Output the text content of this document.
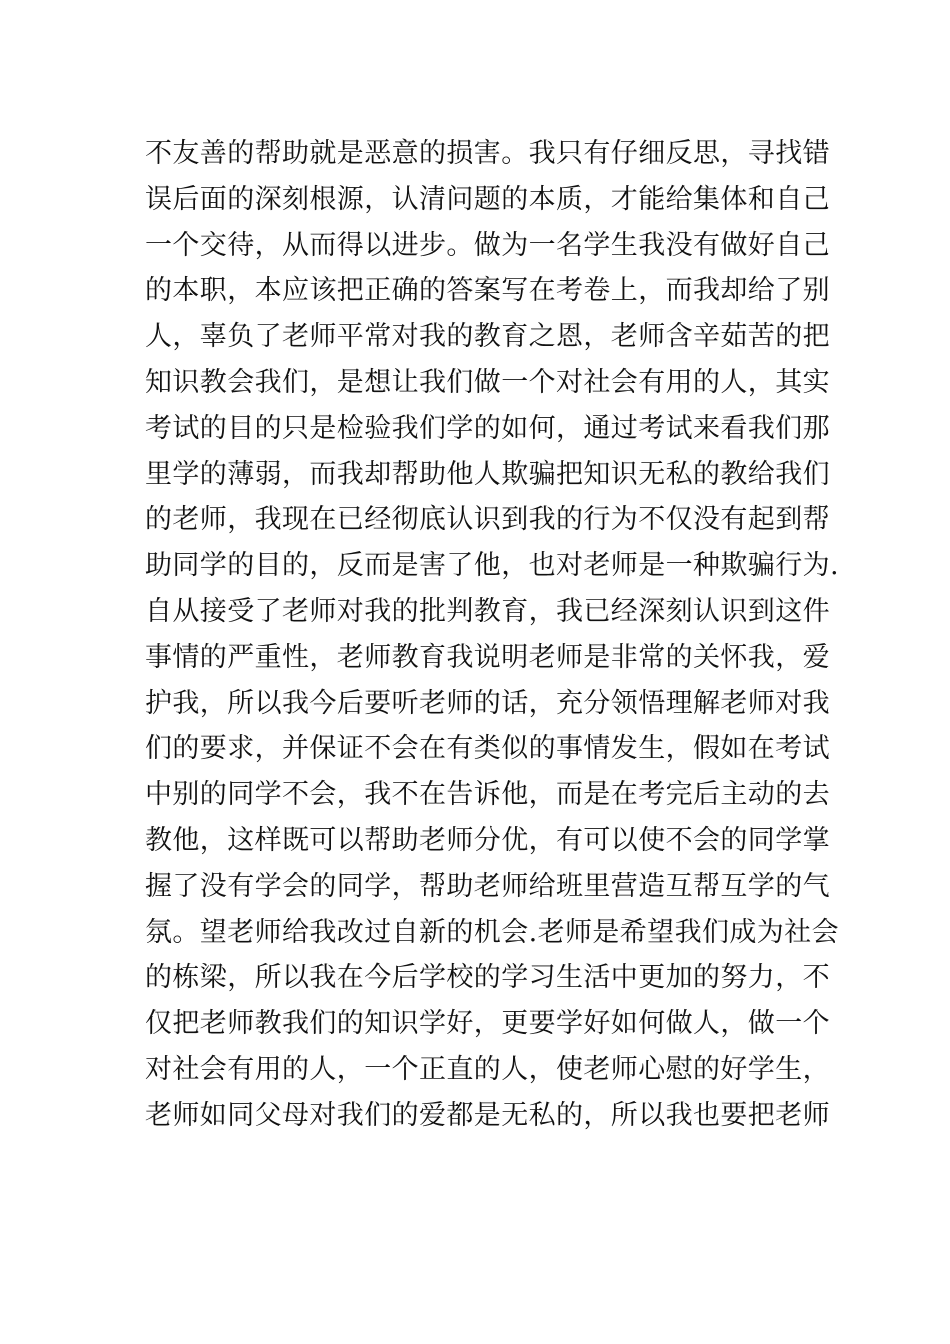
不友善的帮助就是恶意的损害。我只有仔细反思，寻找错
误后面的深刻根源，认清问题的本质，才能给集体和自己
一个交待，从而得以进步。做为一名学生我没有做好自己
的本职，本应该把正确的答案写在考卷上，而我却给了别
人，辜负了老师平常对我的教育之恩，老师含辛茹苦的把
知识教会我们，是想让我们做一个对社会有用的人，其实
考试的目的只是检验我们学的如何，通过考试来看我们那
里学的薄弱，而我却帮助他人欺骗把知识无私的教给我们
的老师，我现在已经彻底认识到我的行为不仅没有起到帮
助同学的目的，反而是害了他，也对老师是一种欺骗行为.
自从接受了老师对我的批判教育，我已经深刻认识到这件
事情的严重性，老师教育我说明老师是非常的关怀我，爱
护我，所以我今后要听老师的话，充分领悟理解老师对我
们的要求，并保证不会在有类似的事情发生，假如在考试
中别的同学不会，我不在告诉他，而是在考完后主动的去
教他，这样既可以帮助老师分优，有可以使不会的同学掌
握了没有学会的同学，帮助老师给班里营造互帮互学的气
氛。望老师给我改过自新的机会.老师是希望我们成为社会
的栋梁，所以我在今后学校的学习生活中更加的努力，不
仅把老师教我们的知识学好，更要学好如何做人，做一个
对社会有用的人，一个正直的人，使老师心慰的好学生，
老师如同父母对我们的爱都是无私的，所以我也要把老师
